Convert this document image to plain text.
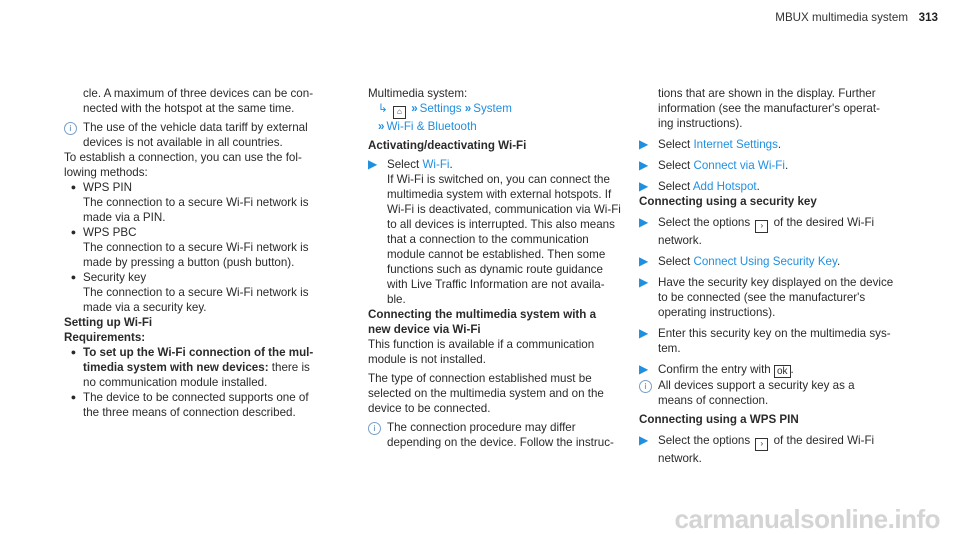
MBUX multimedia system 313

cle. A maximum of three devices can be con-

nected with the hotspot at the same time.

i The use of the vehicle data tariff by external

devices is not available in all countries.

To establish a connection, you can use the fol-

lowing methods:

● WPS PIN

The connection to a secure Wi-Fi network is

made via a PIN.

● WPS PBC

The connection to a secure Wi-Fi network is

made by pressing a button (push button).

● Security key

The connection to a secure Wi-Fi network is

made via a security key.

Setting up Wi-Fi

Requirements:

● To set up the Wi-Fi connection of the mul-

timedia system with new devices: there is

no communication module installed.

● The device to be connected supports one of

the three means of connection described.

Multimedia system:

↳ ⌂ » Settings » System

» Wi-Fi & Bluetooth

Activating/deactivating Wi-Fi

▶ Select Wi-Fi.

If Wi-Fi is switched on, you can connect the

multimedia system with external hotspots. If

Wi-Fi is deactivated, communication via Wi-Fi

to all devices is interrupted. This also means

that a connection to the communication

module cannot be established. Then some

functions such as dynamic route guidance

with Live Traffic Information are not availa-

ble.

Connecting the multimedia system with a

new device via Wi-Fi

This function is available if a communication

module is not installed.

The type of connection established must be

selected on the multimedia system and on the

device to be connected.

i The connection procedure may differ

depending on the device. Follow the instruc-

tions that are shown in the display. Further

information (see the manufacturer's operat-

ing instructions).

▶ Select Internet Settings.

▶ Select Connect via Wi-Fi.

▶ Select Add Hotspot.

Connecting using a security key

▶ Select the options › of the desired Wi-Fi

network.

▶ Select Connect Using Security Key.

▶ Have the security key displayed on the device

to be connected (see the manufacturer's

operating instructions).

▶ Enter this security key on the multimedia sys-

tem.

▶ Confirm the entry with ok .

i All devices support a security key as a

means of connection.

Connecting using a WPS PIN

▶ Select the options › of the desired Wi-Fi

network.

carmanualsonline.info
